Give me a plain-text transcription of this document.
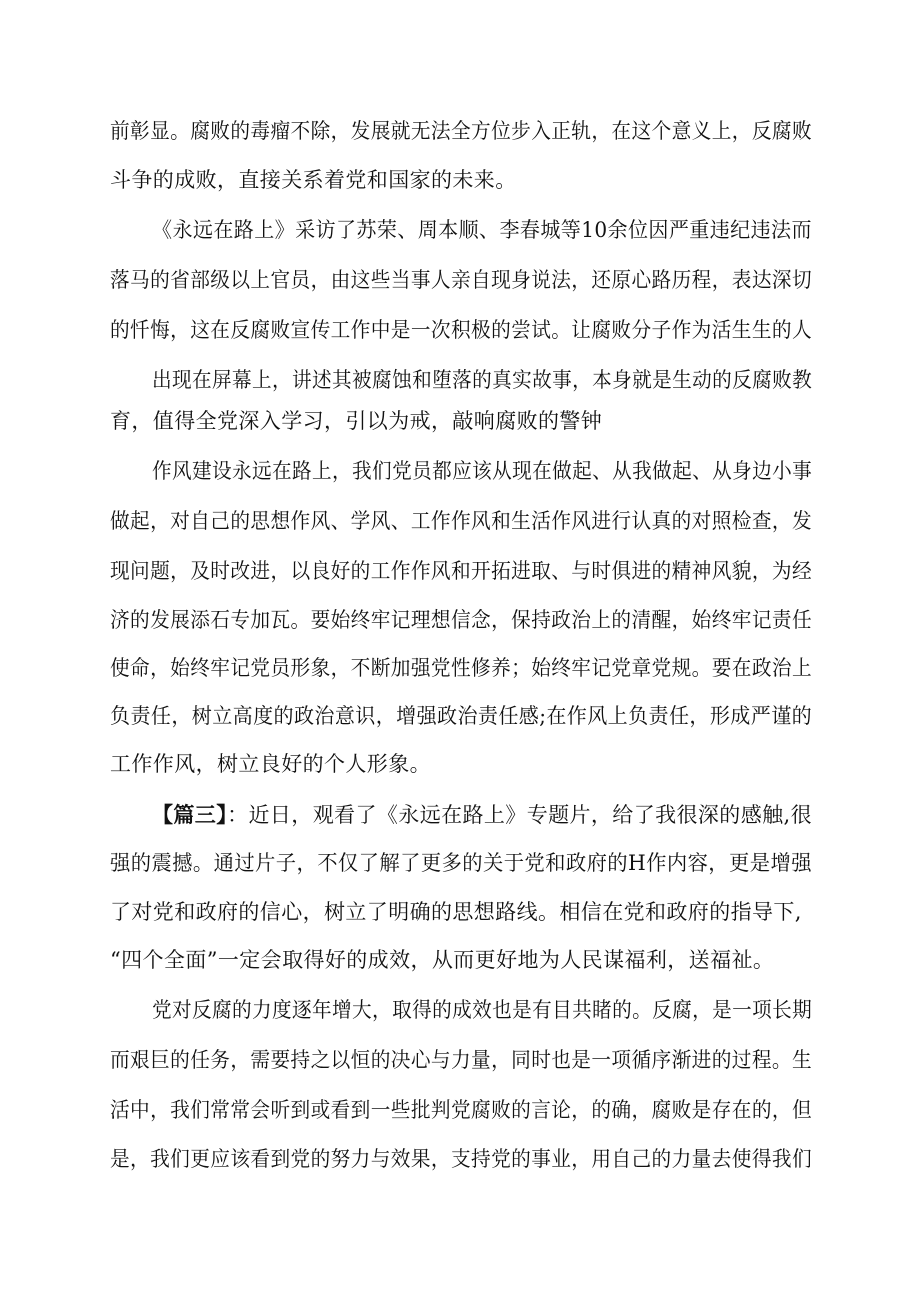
前彰显。腐败的毒瘤不除，发展就无法全方位步入正轨，在这个意义上，反腐败
斗争的成败，直接关系着党和国家的未来。
《永远在路上》采访了苏荣、周本顺、李春城等10余位因严重违纪违法而
落马的省部级以上官员，由这些当事人亲自现身说法，还原心路历程，表达深切
的忏悔，这在反腐败宣传工作中是一次积极的尝试。让腐败分子作为活生生的人
出现在屏幕上，讲述其被腐蚀和堕落的真实故事，本身就是生动的反腐败教
育，值得全党深入学习，引以为戒，敲响腐败的警钟
作风建设永远在路上，我们党员都应该从现在做起、从我做起、从身边小事
做起，对自己的思想作风、学风、工作作风和生活作风进行认真的对照检查，发
现问题，及时改进，以良好的工作作风和开拓进取、与时俱进的精神风貌，为经
济的发展添石专加瓦。要始终牢记理想信念，保持政治上的清醒，始终牢记责任
使命，始终牢记党员形象，不断加强党性修养；始终牢记党章党规。要在政治上
负责任，树立高度的政治意识，增强政治责任感;在作风上负责任，形成严谨的
工作作风，树立良好的个人形象。
【篇三】：近日，观看了《永远在路上》专题片，给了我很深的感触,很
强的震撼。通过片子，不仅了解了更多的关于党和政府的H作内容，更是增强
了对党和政府的信心，树立了明确的思想路线。相信在党和政府的指导下,
“四个全面”一定会取得好的成效，从而更好地为人民谋福利，送福祉。
党对反腐的力度逐年增大，取得的成效也是有目共睹的。反腐，是一项长期
而艰巨的任务，需要持之以恒的决心与力量，同时也是一项循序渐进的过程。生
活中，我们常常会听到或看到一些批判党腐败的言论，的确，腐败是存在的，但
是，我们更应该看到党的努力与效果，支持党的事业，用自己的力量去使得我们
